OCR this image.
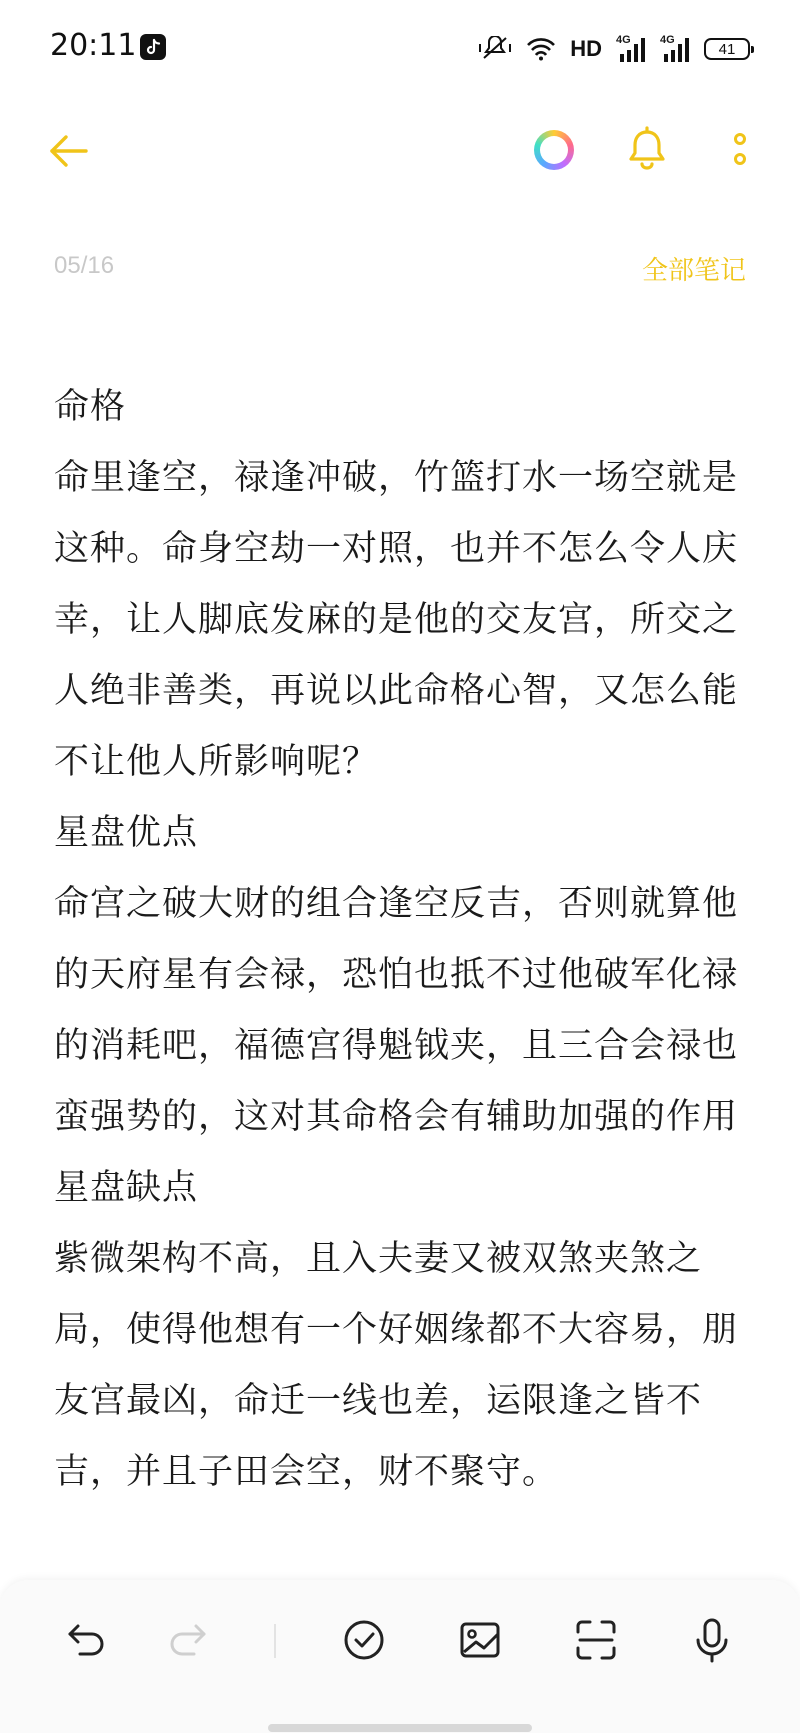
20:11	HD 4G	4G
41
05/16	全部笔记

命格

命里逢空，禄逢冲破，竹篮打水一场空就是这种。命身空劫一对照，也并不怎么令人庆幸，让人脚底发麻的是他的交友宫，所交之人绝非善类，再说以此命格心智，又怎么能不让他人所影响呢？

星盘优点

命宫之破大财的组合逢空反吉，否则就算他的天府星有会禄，恐怕也抵不过他破军化禄的消耗吧，福德宫得魁钺夹，且三合会禄也蛮强势的，这对其命格会有辅助加强的作用

星盘缺点

紫微架构不高，且入夫妻又被双煞夹煞之局，使得他想有一个好姻缘都不大容易，朋友宫最凶，命迁一线也差，运限逢之皆不吉，并且子田会空，财不聚守。
